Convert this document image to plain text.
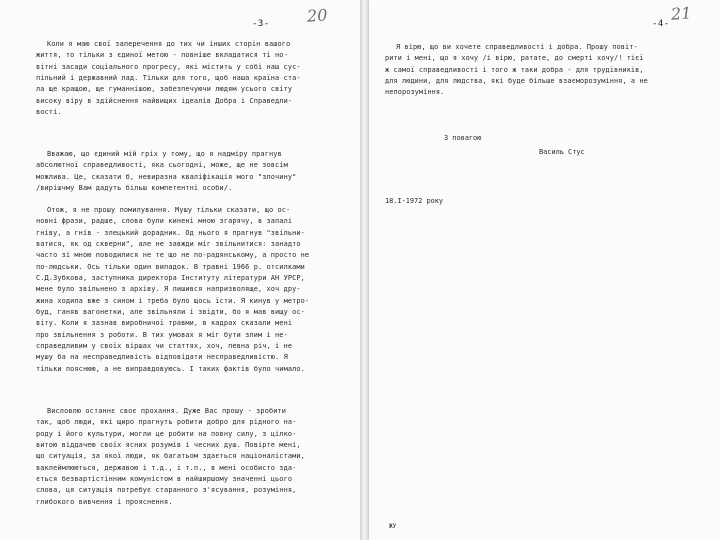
-3- 20
Коли я маю свої заперечення до тих чи інших сторін вашого
життя, то тільки з єдиної метою - повніше вкладатися ті но-
вітні засади соціального прогресу, які містить у собі наш сус-
пільний і державний лад. Тільки для того, щоб наша країна ста-
ла ще кращою, ще гуманнішою, забезпечуючи людям усього світу
високу віру в здійснення найвищих ідеалів Добра і Справедли-
вості.
Вважаю, що єдиний мій гріх у тому, що я надміру прагнув
абсолютної справедливості, яка сьогодні, може, ще не зовсім
можлива. Це, сказати б, невиразна кваліфікація мого "злочину"
/вирішчму Вам дадуть більш компетентні особи/.
Отож, я не прошу помилування. Мушу тільки сказати, що ос-
новні фрази, радше, слова були кинені мною згарячу, в запалі
гніву, а гнів - злецький дорадник. Од нього я прагнув "звільни-
ватися, як од скверни", але не завжди міг звільнитися: занадто
часто зі мною поводилися не те що не по-радянському, а просто не
по-людськи. Ось тільки один випадок. В травні 1966 р. отсилками
С.Д.Зубкова, заступника директора Інституту літератури АН УРСР,
мене було звільнено з архіву. Я лишився напризволяще, хоч дру-
жина ходила вже з сином і треба було щось їсти. Я кинув у метро-
буд, ганяв вагонетки, але звільняли і звідти, бо я мав вищу ос-
віту. Коли я зазнав виробничої травми, в кадрах сказали мені
про звільнення з роботи. В тих умовах я міг бути злим і не-
справедливим у своїх віршах чи статтях, хоч, певна річ, і не
мушу ба на несправедливість відповідати несправедливістю. Я
тільки пояснюю, а не виправдовуюсь. І таких фактів було чимало.
Висловлю останнє своє прохання. Дуже Вас прошу - зробити
так, щоб люди, які щиро прагнуть робити добро для рідного на-
роду і його культури, могли це робити на повну силу, з цілко-
витою віддачею своїх ясних розумів і чесних душ. Повірте мені,
що ситуація, за якої люди, як багатьом здається націоналістами,
ваклеймлюються, державою і т.д., і т.п., в мені особисто зда-
ється безвартістінним комуністом в найширшому значенні цього
слова, ця ситуація потребує старанного з'ясування, розуміння,
глибокого вивчення і прояснення.
-4-
21
Я вірю, що ви хочете справедливості і добра. Прошу повіт-
рити і мені, що я хочу /і вірю, ратате, до смерті хочу/! тієї
ж самої справедливості і того ж таки добра - для трудівників,
для людини, для людства, які буде більше взаєморозуміння, а не
непорозуміння.
З повагою
Василь Стус
18.I-1972 року
ЖУ
